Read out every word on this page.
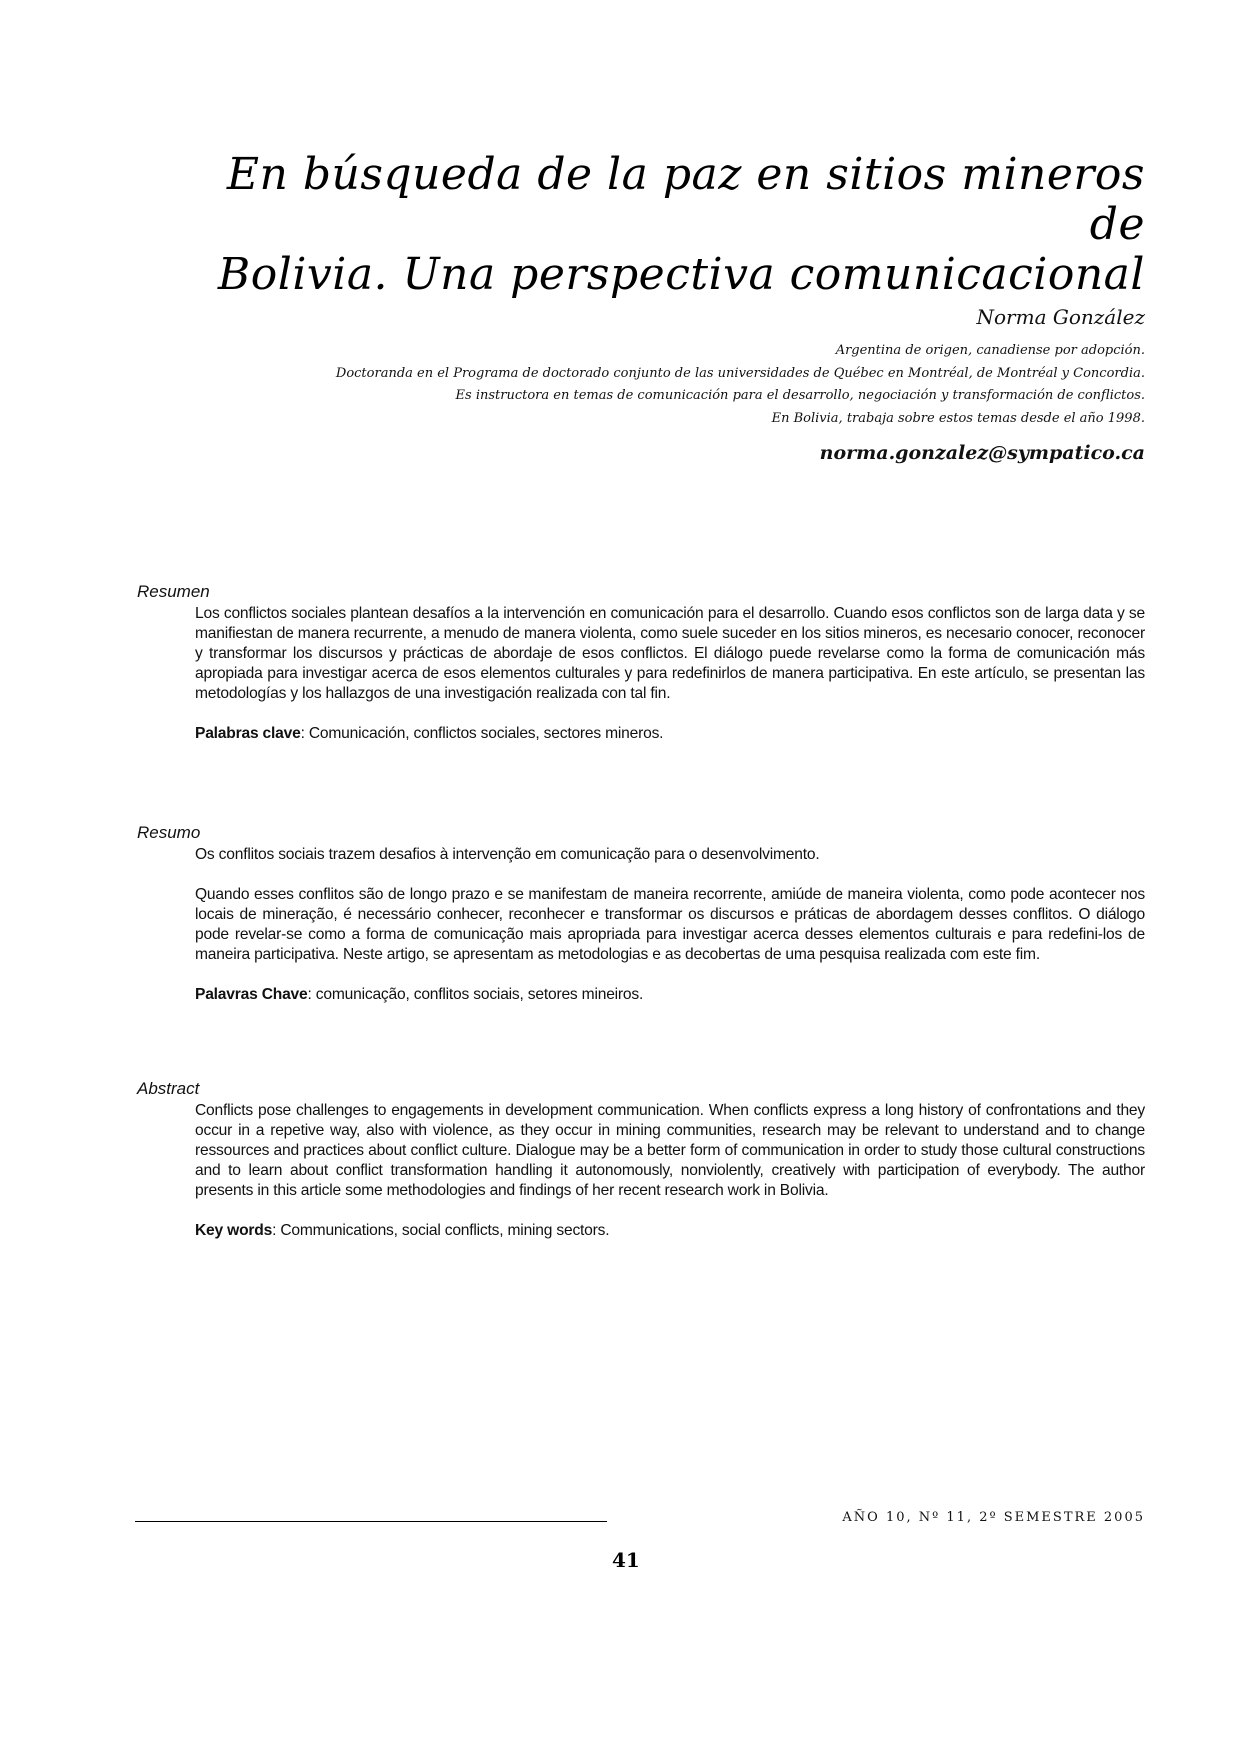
En búsqueda de la paz en sitios mineros de
Bolivia. Una perspectiva comunicacional
Norma González
Argentina de origen, canadiense por adopción.
Doctoranda en el Programa de doctorado conjunto de las universidades de Québec en Montréal, de Montréal y Concordia.
Es instructora en temas de comunicación para el desarrollo, negociación y transformación de conflictos.
En Bolivia, trabaja sobre estos temas desde el año 1998.
norma.gonzalez@sympatico.ca
Resumen

Los conflictos sociales plantean desafíos a la intervención en comunicación para el desarrollo. Cuando esos conflictos son de larga data y se manifiestan de manera recurrente, a menudo de manera violenta, como suele suceder en los sitios mineros, es necesario conocer, reconocer y transformar los discursos y prácticas de abordaje de esos conflictos. El diálogo puede revelarse como la forma de comunicación más apropiada para investigar acerca de esos elementos culturales y para redefinirlos de manera participativa. En este artículo, se presentan las metodologías y los hallazgos de una investigación realizada con tal fin.

Palabras clave: Comunicación, conflictos sociales, sectores mineros.

Resumo

Os conflitos sociais trazem desafios à intervenção em comunicação para o desenvolvimento.

Quando esses conflitos são de longo prazo e se manifestam de maneira recorrente, amiúde de maneira violenta, como pode acontecer nos locais de mineração, é necessário conhecer, reconhecer e transformar os discursos e práticas de abordagem desses conflitos. O diálogo pode revelar-se como a forma de comunicação mais apropriada para investigar acerca desses elementos culturais e para redefini-los de maneira participativa. Neste artigo, se apresentam as metodologias e as decobertas de uma pesquisa realizada com este fim.

Palavras Chave: comunicação, conflitos sociais, setores mineiros.

Abstract

Conflicts pose challenges to engagements in development communication. When conflicts express a long history of confrontations and they occur in a repetive way, also with violence, as they occur in mining communities, research may be relevant to understand and to change ressources and practices about conflict culture. Dialogue may be a better form of communication in order to study those cultural constructions and to learn about conflict transformation handling it autonomously, nonviolently, creatively with participation of everybody. The author presents in this article some methodologies and findings of her recent research work in Bolivia.

Key words: Communications, social conflicts, mining sectors.

AÑO 10, Nº 11, 2º SEMESTRE 2005
41
